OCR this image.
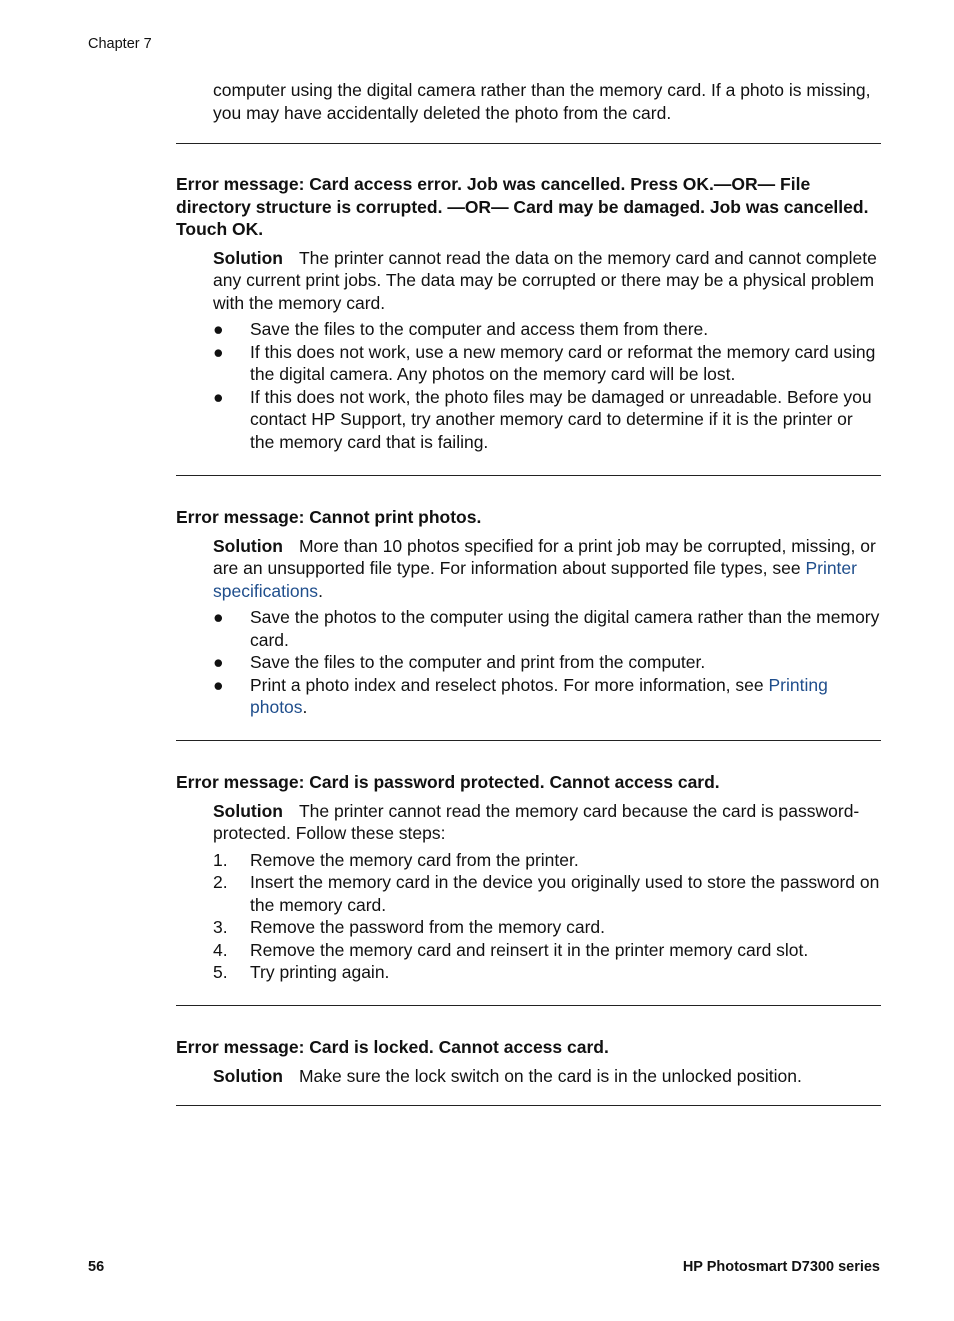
Chapter 7
computer using the digital camera rather than the memory card. If a photo is missing, you may have accidentally deleted the photo from the card.
Error message: Card access error. Job was cancelled. Press OK.—OR— File directory structure is corrupted. —OR— Card may be damaged. Job was cancelled. Touch OK.
Solution The printer cannot read the data on the memory card and cannot complete any current print jobs. The data may be corrupted or there may be a physical problem with the memory card.
● Save the files to the computer and access them from there.
● If this does not work, use a new memory card or reformat the memory card using the digital camera. Any photos on the memory card will be lost.
● If this does not work, the photo files may be damaged or unreadable. Before you contact HP Support, try another memory card to determine if it is the printer or the memory card that is failing.
Error message: Cannot print photos.
Solution More than 10 photos specified for a print job may be corrupted, missing, or are an unsupported file type. For information about supported file types, see Printer specifications.
● Save the photos to the computer using the digital camera rather than the memory card.
● Save the files to the computer and print from the computer.
● Print a photo index and reselect photos. For more information, see Printing photos.
Error message: Card is password protected. Cannot access card.
Solution The printer cannot read the memory card because the card is password-protected. Follow these steps:
1. Remove the memory card from the printer.
2. Insert the memory card in the device you originally used to store the password on the memory card.
3. Remove the password from the memory card.
4. Remove the memory card and reinsert it in the printer memory card slot.
5. Try printing again.
Error message: Card is locked. Cannot access card.
Solution Make sure the lock switch on the card is in the unlocked position.
56	HP Photosmart D7300 series
